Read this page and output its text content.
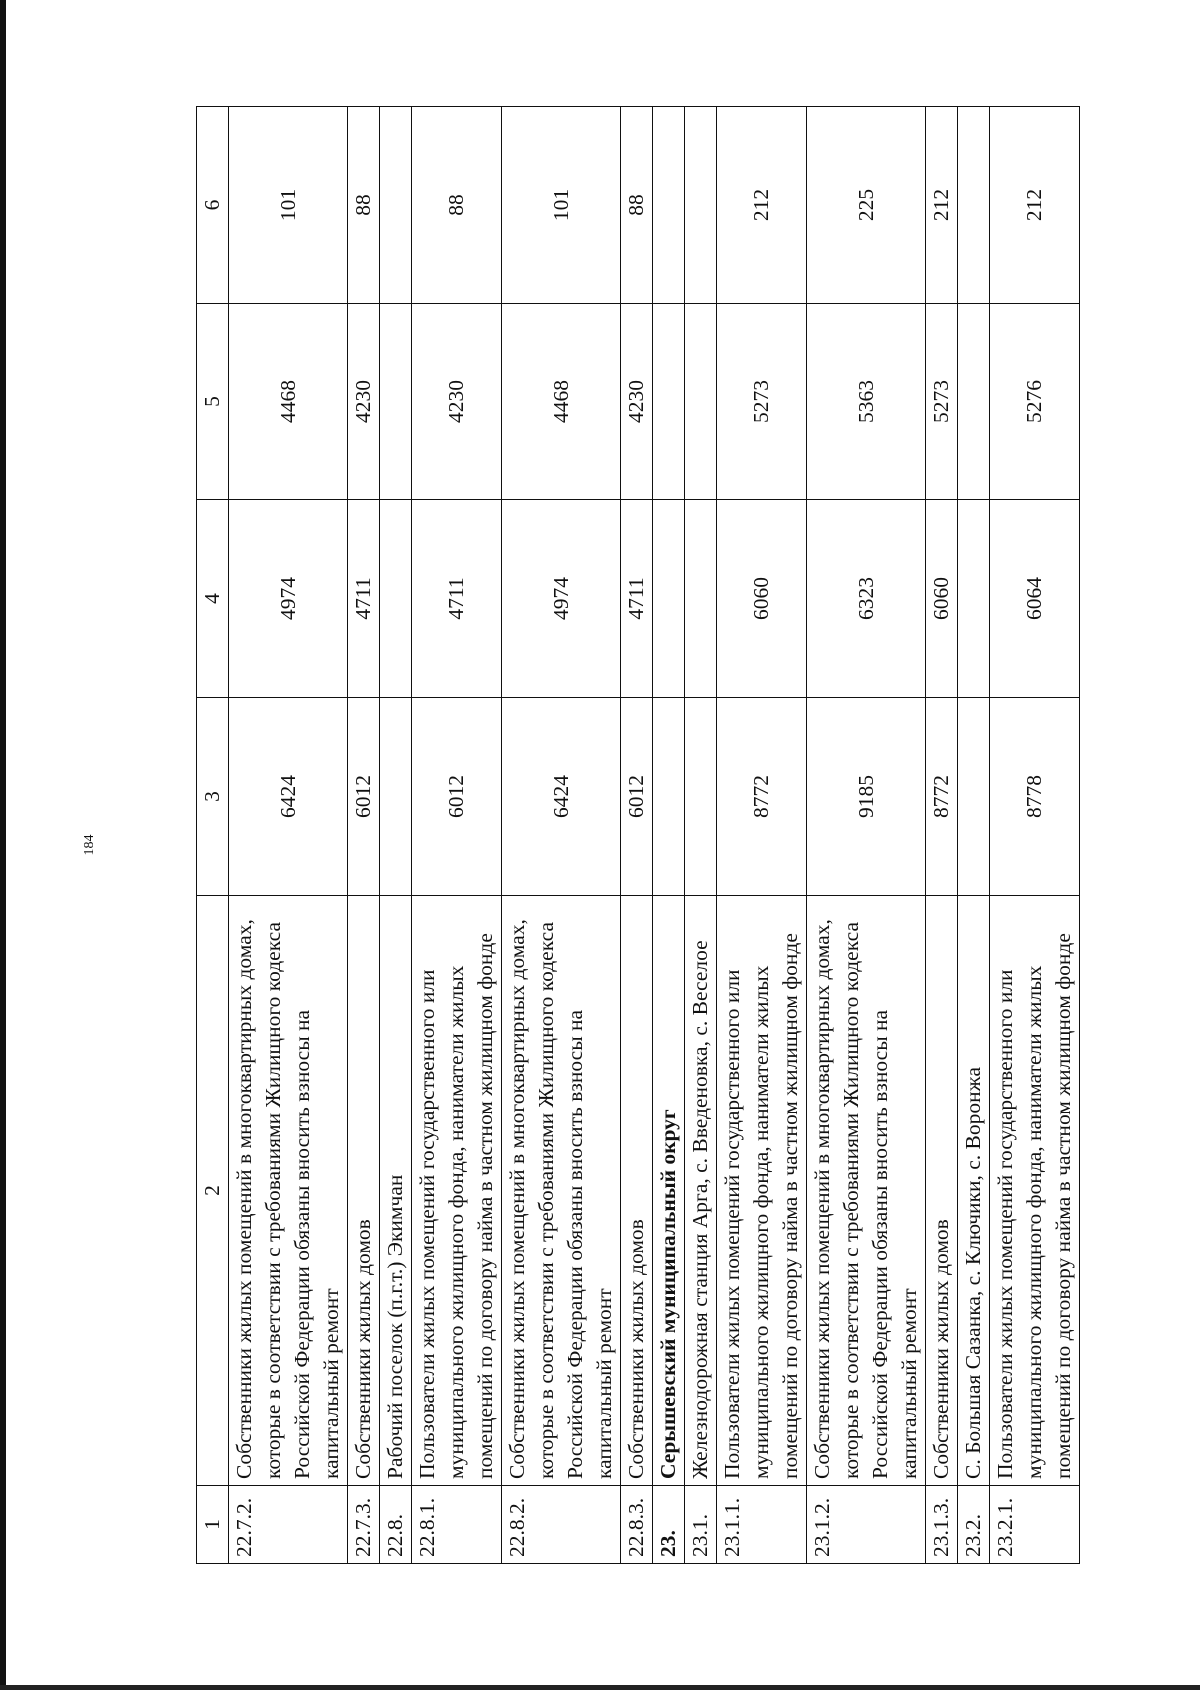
184
1	2	3	4	5	6
22.7.2.	Собственники жилых помещений в многоквартирных домах, которые в соответствии с требованиями Жилищного кодекса Российской Федерации обязаны вносить взносы на капитальный ремонт	6424	4974	4468	101
22.7.3.	Собственники жилых домов	6012	4711	4230	88
22.8.	Рабочий поселок (п.г.т.) Экимчан				
22.8.1.	Пользователи жилых помещений государственного или муниципального жилищного фонда, наниматели жилых помещений по договору найма в частном жилищном фонде	6012	4711	4230	88
22.8.2.	Собственники жилых помещений в многоквартирных домах, которые в соответствии с требованиями Жилищного кодекса Российской Федерации обязаны вносить взносы на капитальный ремонт	6424	4974	4468	101
22.8.3.	Собственники жилых домов	6012	4711	4230	88
23.	Серышевский муниципальный округ				
23.1.	Железнодорожная станция Арга, с. Введеновка, с. Веселое				
23.1.1.	Пользователи жилых помещений государственного или муниципального жилищного фонда, наниматели жилых помещений по договору найма в частном жилищном фонде	8772	6060	5273	212
23.1.2.	Собственники жилых помещений в многоквартирных домах, которые в соответствии с требованиями Жилищного кодекса Российской Федерации обязаны вносить взносы на капитальный ремонт	9185	6323	5363	225
23.1.3.	Собственники жилых домов	8772	6060	5273	212
23.2.	С. Большая Сазанка, с. Ключики, с. Воронжа				
23.2.1.	Пользователи жилых помещений государственного или муниципального жилищного фонда, наниматели жилых помещений по договору найма в частном жилищном фонде	8778	6064	5276	212
